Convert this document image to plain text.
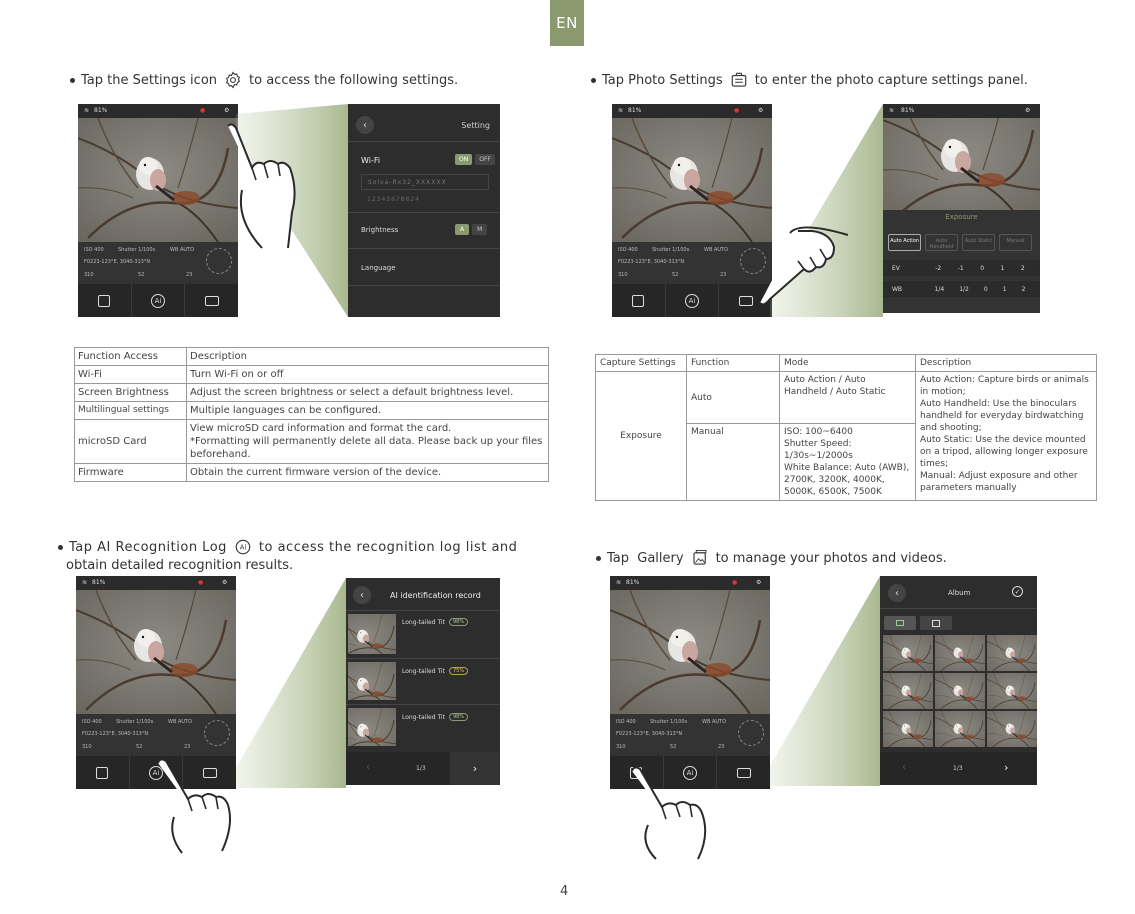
EN
Tap the Settings icon to access the following settings.
≋ 81%	●	⚙
ISO 400	Shutter 1/100s	WB AUTO
F0223-123°E, 3040-313°N
310	52	23
Ai
‹	Setting
Wi-Fi	ON	OFF
Solva-Rx32_XXXXXX
12345678824
Brightness	A	M
Language
Function Access	Description
Wi-Fi	Turn Wi-Fi on or off
Screen Brightness	Adjust the screen brightness or select a default brightness level.
Multilingual settings	Multiple languages can be configured.
microSD Card	View microSD card information and format the card.
*Formatting will permanently delete all data. Please back up your files beforehand.
Firmware	Obtain the current firmware version of the device.
Tap Photo Settings to enter the photo capture settings panel.
≋ 81%	●	⚙
ISO 400	Shutter 1/100s	WB AUTO
F0223-123°E, 3040-313°N
310	52	23
Ai
≋ 81%	⚙
Exposure
Auto Action	Auto Handheld
Auto Static	Manual
EV	-2	-1	0	1	2
WB	1/4	1/2	0	1	2
Capture Settings	Function	Mode	Description
Exposure	Auto	Auto Action / Auto Handheld / Auto Static	Auto Action: Capture birds or animals in motion;
Auto Handheld: Use the binoculars handheld for everyday birdwatching and shooting;
Auto Static: Use the device mounted on a tripod, allowing longer exposure times;
Manual: Adjust exposure and other parameters manually
	Manual	ISO: 100~6400
Shutter Speed: 1/30s~1/2000s
White Balance: Auto (AWB), 2700K, 3200K, 4000K, 5000K, 6500K, 7500K	
Tap AI Recognition Log Ai to access the recognition log list and
obtain detailed recognition results.
≋ 81%	●	⚙
ISO 400	Shutter 1/100s	WB AUTO
F0223-123°E, 3040-313°N
310	52	23
Ai
‹	AI identification record
Long-tailed Tit	98%
Long-tailed Tit	75%
Long-tailed Tit	98%
‹	1/3	›
Tap  Gallery to manage your photos and videos.
≋ 81%	●	⚙
ISO 400	Shutter 1/100s	WB AUTO
F0223-123°E, 3040-313°N
310	52	23
Ai
‹	Album	✓
‹	1/3	›
4
